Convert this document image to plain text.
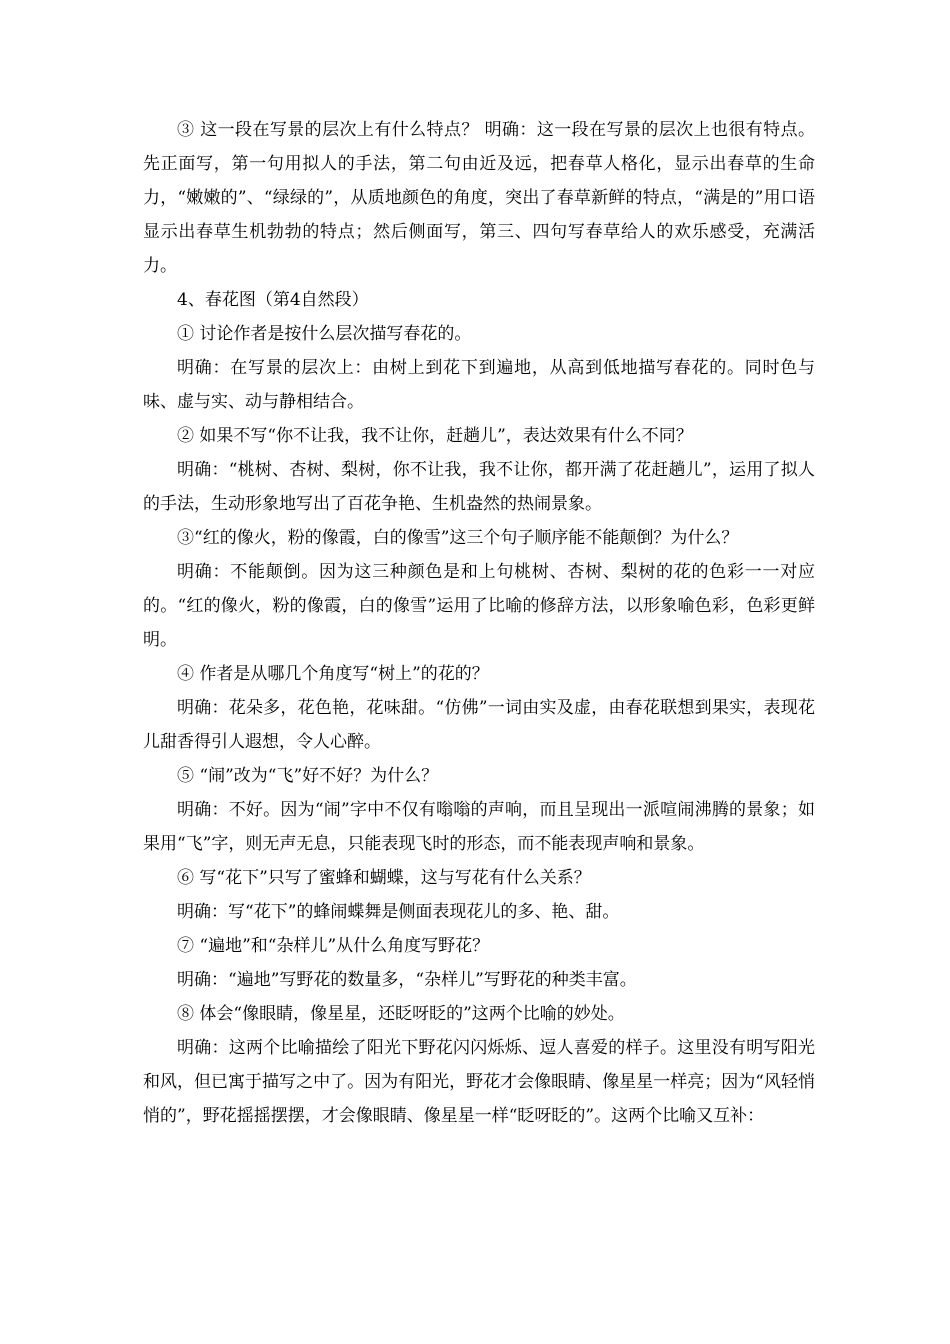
③ 这一段在写景的层次上有什么特点？ 明确：这一段在写景的层次上也很有特点。先正面写，第一句用拟人的手法，第二句由近及远，把春草人格化，显示出春草的生命力，“嫩嫩的”、“绿绿的”，从质地颜色的角度，突出了春草新鲜的特点，“满是的”用口语显示出春草生机勃勃的特点；然后侧面写，第三、四句写春草给人的欢乐感受，充满活力。

4、春花图（第4自然段）

① 讨论作者是按什么层次描写春花的。

明确：在写景的层次上：由树上到花下到遍地，从高到低地描写春花的。同时色与味、虚与实、动与静相结合。

② 如果不写“你不让我，我不让你，赶趟儿”，表达效果有什么不同？

明确：“桃树、杏树、梨树，你不让我，我不让你，都开满了花赶趟儿”，运用了拟人的手法，生动形象地写出了百花争艳、生机盎然的热闹景象。

③“红的像火，粉的像霞，白的像雪”这三个句子顺序能不能颠倒？为什么？

明确：不能颠倒。因为这三种颜色是和上句桃树、杏树、梨树的花的色彩一一对应的。“红的像火，粉的像霞，白的像雪”运用了比喻的修辞方法，以形象喻色彩，色彩更鲜明。

④ 作者是从哪几个角度写“树上”的花的？

明确：花朵多，花色艳，花味甜。“仿佛”一词由实及虚，由春花联想到果实，表现花儿甜香得引人遐想，令人心醉。

⑤ “闹”改为“飞”好不好？为什么？

明确：不好。因为“闹”字中不仅有嗡嗡的声响，而且呈现出一派喧闹沸腾的景象；如果用“飞”字，则无声无息，只能表现飞时的形态，而不能表现声响和景象。

⑥ 写“花下”只写了蜜蜂和蝴蝶，这与写花有什么关系？

明确：写“花下”的蜂闹蝶舞是侧面表现花儿的多、艳、甜。

⑦ “遍地”和“杂样儿”从什么角度写野花？

明确：“遍地”写野花的数量多，“杂样儿”写野花的种类丰富。

⑧ 体会“像眼睛，像星星，还眨呀眨的”这两个比喻的妙处。

明确：这两个比喻描绘了阳光下野花闪闪烁烁、逗人喜爱的样子。这里没有明写阳光和风，但已寓于描写之中了。因为有阳光，野花才会像眼睛、像星星一样亮；因为“风轻悄悄的”，野花摇摇摆摆，才会像眼睛、像星星一样“眨呀眨的”。这两个比喻又互补：
